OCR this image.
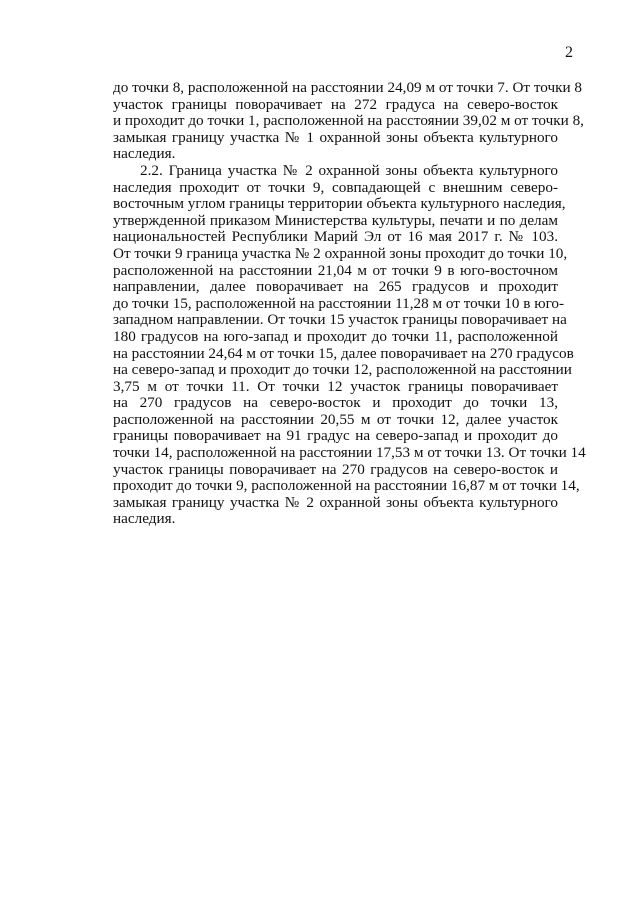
2
до точки 8, расположенной на расстоянии 24,09 м от точки 7. От точки 8
участок границы поворачивает на 272 градуса на северо-восток
и проходит до точки 1, расположенной на расстоянии 39,02 м от точки 8,
замыкая границу участка № 1 охранной зоны объекта культурного
наследия.
2.2. Граница участка № 2 охранной зоны объекта культурного
наследия проходит от точки 9, совпадающей с внешним северо-
восточным углом границы территории объекта культурного наследия,
утвержденной приказом Министерства культуры, печати и по делам
национальностей Республики Марий Эл от 16 мая 2017 г. № 103.
От точки 9 граница участка № 2 охранной зоны проходит до точки 10,
расположенной на расстоянии 21,04 м от точки 9 в юго-восточном
направлении, далее поворачивает на 265 градусов и проходит
до точки 15, расположенной на расстоянии 11,28 м от точки 10 в юго-
западном направлении. От точки 15 участок границы поворачивает на
180 градусов на юго-запад и проходит до точки 11, расположенной
на расстоянии 24,64 м от точки 15, далее поворачивает на 270 градусов
на северо-запад и проходит до точки 12, расположенной на расстоянии
3,75 м от точки 11. От точки 12 участок границы поворачивает
на 270 градусов на северо-восток и проходит до точки 13,
расположенной на расстоянии 20,55 м от точки 12, далее участок
границы поворачивает на 91 градус на северо-запад и проходит до
точки 14, расположенной на расстоянии 17,53 м от точки 13. От точки 14
участок границы поворачивает на 270 градусов на северо-восток и
проходит до точки 9, расположенной на расстоянии 16,87 м от точки 14,
замыкая границу участка № 2 охранной зоны объекта культурного
наследия.
